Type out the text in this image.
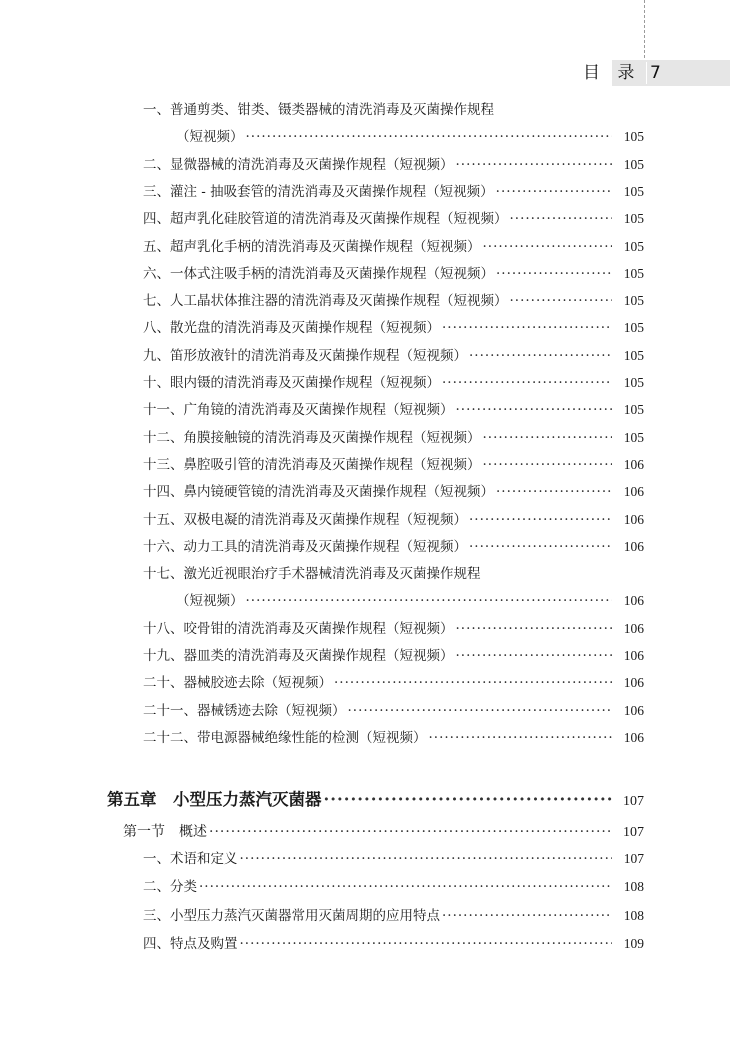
目 录 7
一、普通剪类、钳类、镊类器械的清洗消毒及灭菌操作规程
（短视频） ·····	105
二、显微器械的清洗消毒及灭菌操作规程（短视频） ·····	105
三、灌注 - 抽吸套管的清洗消毒及灭菌操作规程（短视频） ·····	105
四、超声乳化硅胶管道的清洗消毒及灭菌操作规程（短视频） ·····	105
五、超声乳化手柄的清洗消毒及灭菌操作规程（短视频） ·····	105
六、一体式注吸手柄的清洗消毒及灭菌操作规程（短视频） ·····	105
七、人工晶状体推注器的清洗消毒及灭菌操作规程（短视频） ·····	105
八、散光盘的清洗消毒及灭菌操作规程（短视频） ·····	105
九、笛形放液针的清洗消毒及灭菌操作规程（短视频） ·····	105
十、眼内镊的清洗消毒及灭菌操作规程（短视频） ·····	105
十一、广角镜的清洗消毒及灭菌操作规程（短视频） ·····	105
十二、角膜接触镜的清洗消毒及灭菌操作规程（短视频） ·····	105
十三、鼻腔吸引管的清洗消毒及灭菌操作规程（短视频） ·····	106
十四、鼻内镜硬管镜的清洗消毒及灭菌操作规程（短视频） ·····	106
十五、双极电凝的清洗消毒及灭菌操作规程（短视频） ·····	106
十六、动力工具的清洗消毒及灭菌操作规程（短视频） ·····	106
十七、激光近视眼治疗手术器械清洗消毒及灭菌操作规程
（短视频） ·····	106
十八、咬骨钳的清洗消毒及灭菌操作规程（短视频） ·····	106
十九、器皿类的清洗消毒及灭菌操作规程（短视频） ·····	106
二十、器械胶迹去除（短视频） ·····	106
二十一、器械锈迹去除（短视频） ·····	106
二十二、带电源器械绝缘性能的检测（短视频） ·····	106
第五章　小型压力蒸汽灭菌器 ·····	107
第一节　概述 ·····	107
一、术语和定义 ·····	107
二、分类 ·····	108
三、小型压力蒸汽灭菌器常用灭菌周期的应用特点 ·····	108
四、特点及购置 ·····	109
